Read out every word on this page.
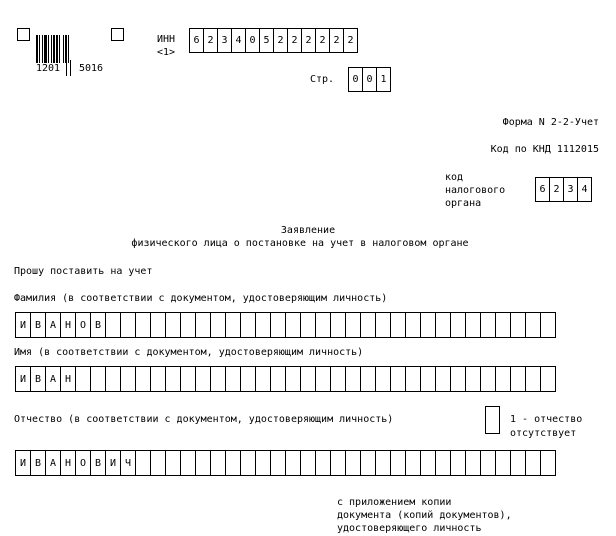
1201 5016
ИНН
<1>
6 2 3 4 0 5 2 2 2 2 2 2
Стр.	0 0 1
Форма N 2-2-Учет
Код по КНД 1112015
код
налогового
органа
6 2 3 4
Заявление
физического лица о постановке на учет в налоговом органе
Прошу поставить на учет
Фамилия (в соответствии с документом, удостоверяющим личность)
И В А Н О В
Имя (в соответствии с документом, удостоверяющим личность)
И В А Н
Отчество (в соответствии с документом, удостоверяющим личность)	1 - отчество
отсутствует
И В А Н О В И Ч
с приложением копии
документа (копий документов),
удостоверяющего личность
